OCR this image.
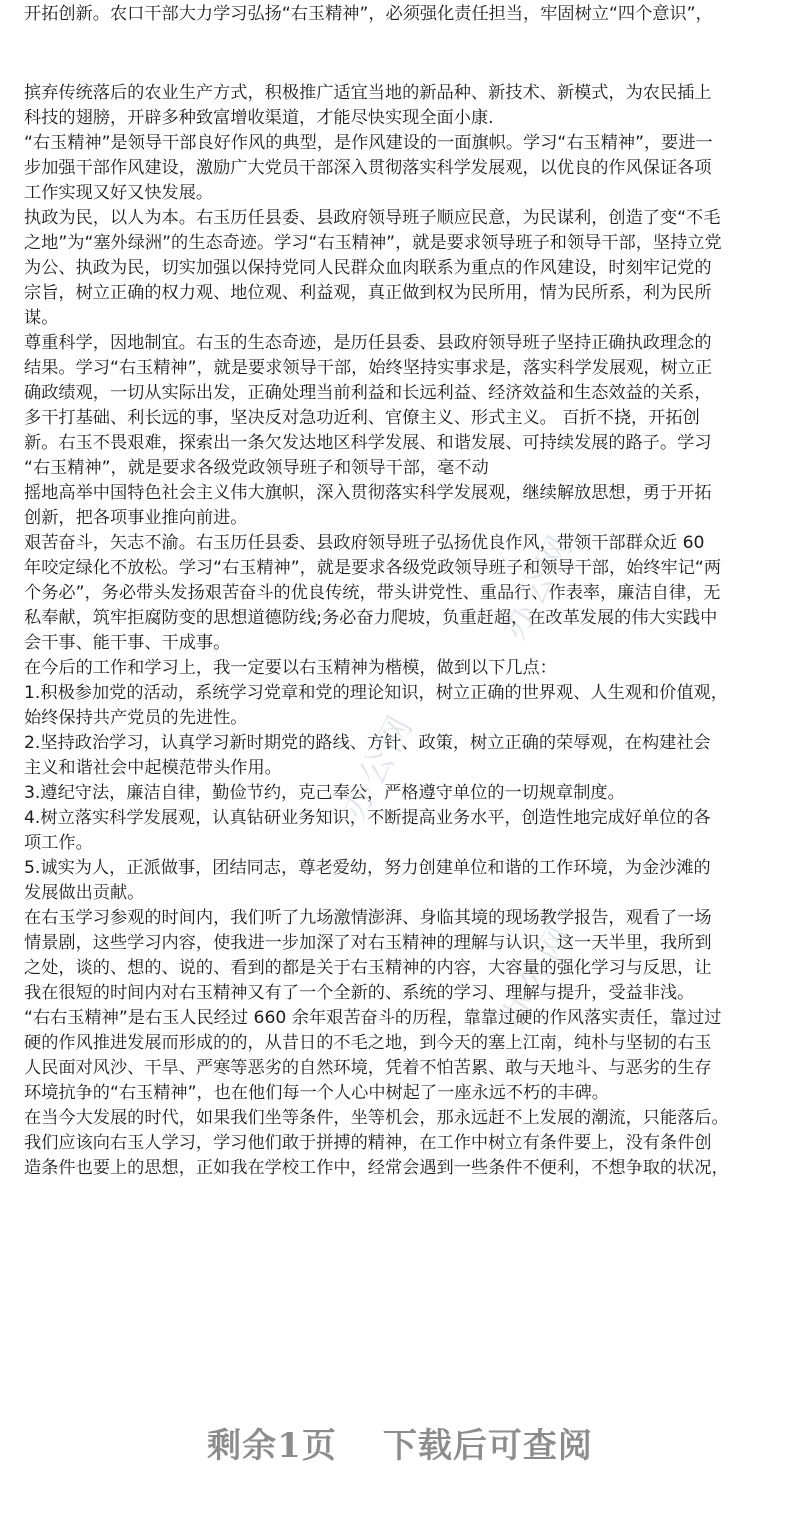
办公网
办公网
办公网
开拓创新。农口干部大力学习弘扬“右玉精神”，必须强化责任担当，牢固树立“四个意识”，
摈弃传统落后的农业生产方式，积极推广适宜当地的新品种、新技术、新模式，为农民插上
科技的翅膀，开辟多种致富增收渠道，才能尽快实现全面小康.
“右玉精神”是领导干部良好作风的典型，是作风建设的一面旗帜。学习“右玉精神”，要进一
步加强干部作风建设，激励广大党员干部深入贯彻落实科学发展观，以优良的作风保证各项
工作实现又好又快发展。
执政为民，以人为本。右玉历任县委、县政府领导班子顺应民意，为民谋利，创造了变“不毛
之地”为“塞外绿洲”的生态奇迹。学习“右玉精神”，就是要求领导班子和领导干部，坚持立党
为公、执政为民，切实加强以保持党同人民群众血肉联系为重点的作风建设，时刻牢记党的
宗旨，树立正确的权力观、地位观、利益观，真正做到权为民所用，情为民所系，利为民所
谋。
尊重科学，因地制宜。右玉的生态奇迹，是历任县委、县政府领导班子坚持正确执政理念的
结果。学习“右玉精神”，就是要求领导干部，始终坚持实事求是，落实科学发展观，树立正
确政绩观，一切从实际出发，正确处理当前利益和长远利益、经济效益和生态效益的关系，
多干打基础、利长远的事，坚决反对急功近利、官僚主义、形式主义。 百折不挠，开拓创
新。右玉不畏艰难，探索出一条欠发达地区科学发展、和谐发展、可持续发展的路子。学习
“右玉精神”，就是要求各级党政领导班子和领导干部，毫不动
摇地高举中国特色社会主义伟大旗帜，深入贯彻落实科学发展观，继续解放思想，勇于开拓
创新，把各项事业推向前进。
艰苦奋斗，矢志不渝。右玉历任县委、县政府领导班子弘扬优良作风，带领干部群众近 60
年咬定绿化不放松。学习“右玉精神”，就是要求各级党政领导班子和领导干部，始终牢记“两
个务必”，务必带头发扬艰苦奋斗的优良传统，带头讲党性、重品行、作表率，廉洁自律，无
私奉献，筑牢拒腐防变的思想道德防线;务必奋力爬坡，负重赶超，在改革发展的伟大实践中
会干事、能干事、干成事。
在今后的工作和学习上，我一定要以右玉精神为楷模，做到以下几点：
1.积极参加党的活动，系统学习党章和党的理论知识，树立正确的世界观、人生观和价值观，
始终保持共产党员的先进性。
2.坚持政治学习，认真学习新时期党的路线、方针、政策，树立正确的荣辱观，在构建社会
主义和谐社会中起模范带头作用。
3.遵纪守法，廉洁自律，勤俭节约，克己奉公，严格遵守单位的一切规章制度。
4.树立落实科学发展观，认真钻研业务知识，不断提高业务水平，创造性地完成好单位的各
项工作。
5.诚实为人，正派做事，团结同志，尊老爱幼，努力创建单位和谐的工作环境，为金沙滩的
发展做出贡献。
在右玉学习参观的时间内，我们听了九场激情澎湃、身临其境的现场教学报告，观看了一场
情景剧，这些学习内容，使我进一步加深了对右玉精神的理解与认识，这一天半里，我所到
之处，谈的、想的、说的、看到的都是关于右玉精神的内容，大容量的强化学习与反思，让
我在很短的时间内对右玉精神又有了一个全新的、系统的学习、理解与提升，受益非浅。
“右右玉精神”是右玉人民经过 660 余年艰苦奋斗的历程，靠靠过硬的作风落实责任，靠过过
硬的作风推进发展而形成的的，从昔日的不毛之地，到今天的塞上江南，纯朴与坚韧的右玉
人民面对风沙、干旱、严寒等恶劣的自然环境，凭着不怕苦累、敢与天地斗、与恶劣的生存
环境抗争的“右玉精神”，也在他们每一个人心中树起了一座永远不朽的丰碑。
在当今大发展的时代，如果我们坐等条件，坐等机会，那永远赶不上发展的潮流，只能落后。
我们应该向右玉人学习，学习他们敢于拼搏的精神，在工作中树立有条件要上，没有条件创
造条件也要上的思想，正如我在学校工作中，经常会遇到一些条件不便利，不想争取的状况，
剩余1页 下载后可查阅
